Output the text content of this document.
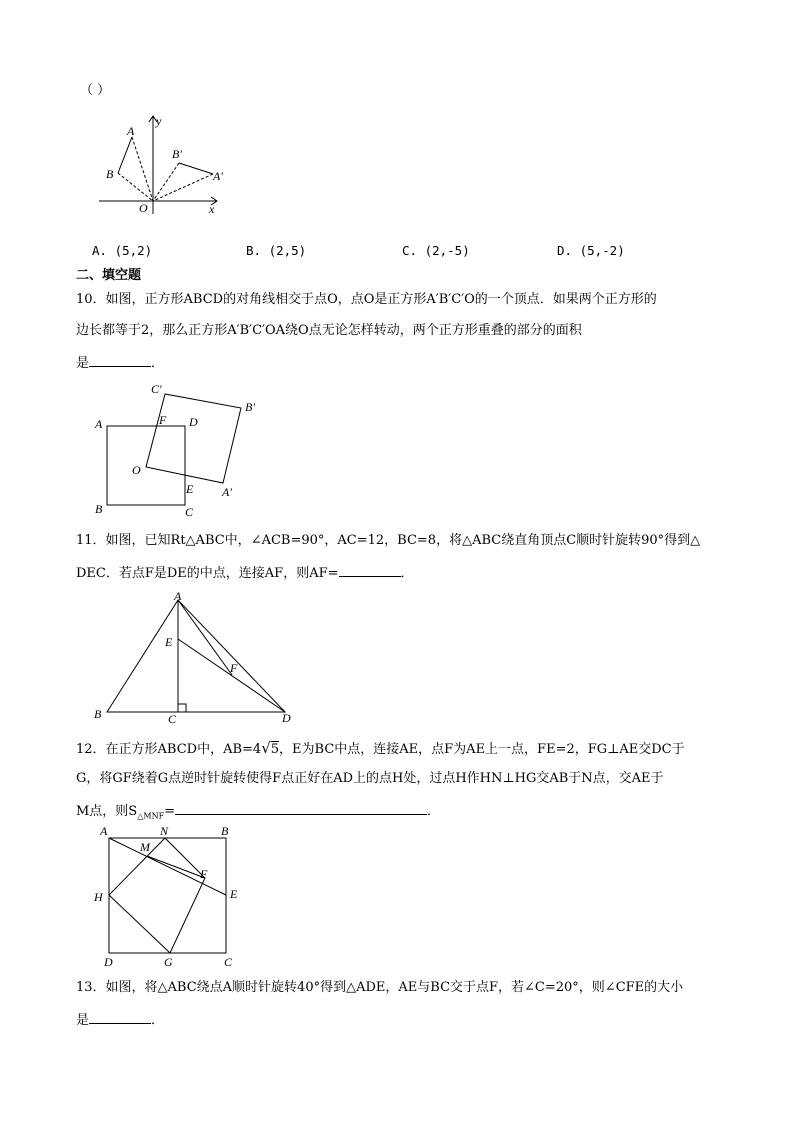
（ ）
y
x
A
B
O
B′
A′
A. (5,2)	B. (2,5)	C. (2,-5)	D. (5,-2)
二、填空题
10．如图，正方形ABCD的对角线相交于点O，点O是正方形A′B′C′O的一个顶点．如果两个正方形的
边长都等于2，那么正方形A′B′C′OA绕O点无论怎样转动，两个正方形重叠的部分的面积
是	．
A	F D
C′
B′
O
B
E
C
A′
11．如图，已知Rt△ABC中，∠ACB=90°，AC=12，BC=8，将△ABC绕直角顶点C顺时针旋转90°得到△
DEC．若点F是DE的中点，连接AF，则AF=	．
A
E
F
B	C	D
12．在正方形ABCD中，AB=4√5，E为BC中点，连接AE，点F为AE上一点，FE=2，FG⊥AE交DC于
G，将GF绕着G点逆时针旋转使得F点正好在AD上的点H处，过点H作HN⊥HG交AB于N点，交AE于
M点，则$S_{\triangle MNF}=$	．
A	N	B
M
F
E
H
D	G	C
13．如图，将△ABC绕点A顺时针旋转40°得到△ADE，AE与BC交于点F，若∠C=20°，则∠CFE的大小
是	．
